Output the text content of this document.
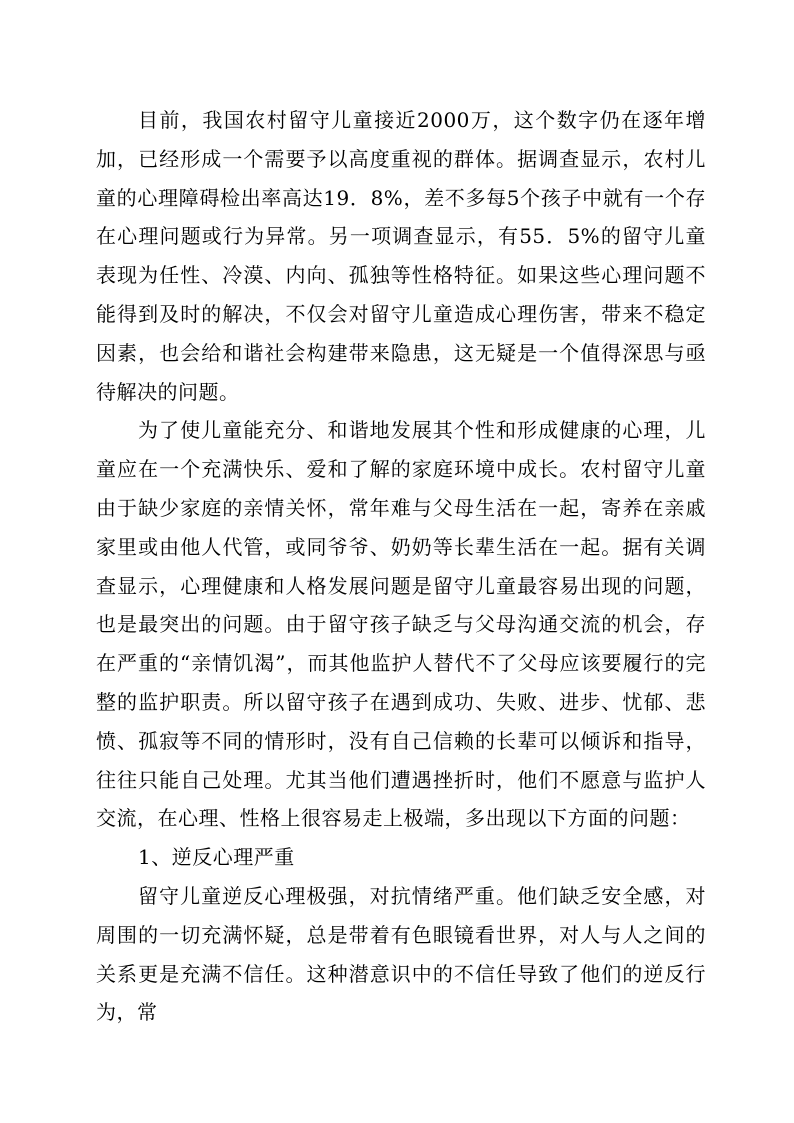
目前，我国农村留守儿童接近2000万，这个数字仍在逐年增加，已经形成一个需要予以高度重视的群体。据调查显示，农村儿童的心理障碍检出率高达19．8%，差不多每5个孩子中就有一个存在心理问题或行为异常。另一项调查显示，有55．5%的留守儿童表现为任性、冷漠、内向、孤独等性格特征。如果这些心理问题不能得到及时的解决，不仅会对留守儿童造成心理伤害，带来不稳定因素，也会给和谐社会构建带来隐患，这无疑是一个值得深思与亟待解决的问题。

为了使儿童能充分、和谐地发展其个性和形成健康的心理，儿童应在一个充满快乐、爱和了解的家庭环境中成长。农村留守儿童由于缺少家庭的亲情关怀，常年难与父母生活在一起，寄养在亲戚家里或由他人代管，或同爷爷、奶奶等长辈生活在一起。据有关调查显示，心理健康和人格发展问题是留守儿童最容易出现的问题，也是最突出的问题。由于留守孩子缺乏与父母沟通交流的机会，存在严重的“亲情饥渴”，而其他监护人替代不了父母应该要履行的完整的监护职责。所以留守孩子在遇到成功、失败、进步、忧郁、悲愤、孤寂等不同的情形时，没有自己信赖的长辈可以倾诉和指导，往往只能自己处理。尤其当他们遭遇挫折时，他们不愿意与监护人交流，在心理、性格上很容易走上极端，多出现以下方面的问题：

1、逆反心理严重

留守儿童逆反心理极强，对抗情绪严重。他们缺乏安全感，对周围的一切充满怀疑，总是带着有色眼镜看世界，对人与人之间的关系更是充满不信任。这种潜意识中的不信任导致了他们的逆反行为，常
